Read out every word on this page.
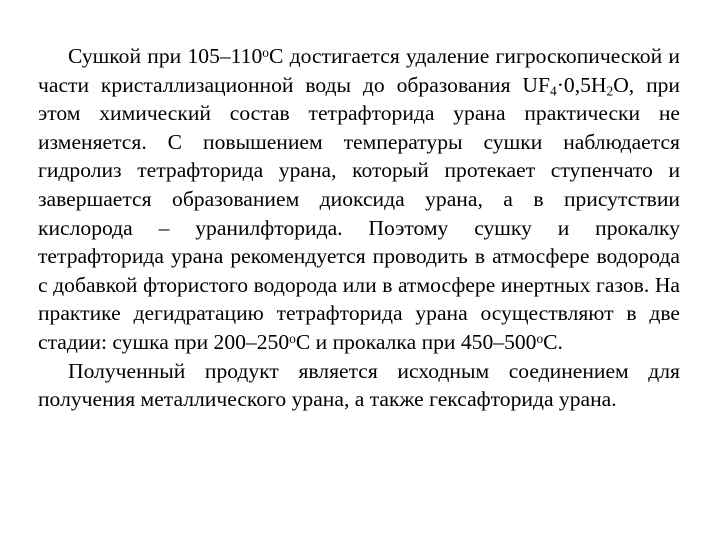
Сушкой при 105–110$^o$С достигается удаление гигроскопической и части кристаллизационной воды до образования $UF_4\cdot 0,5H_2O$, при этом химический состав тетрафторида урана практически не изменяется. С повышением температуры сушки наблюдается гидролиз тетрафторида урана, который протекает ступенчато и завершается образованием диоксида урана, а в присутствии кислорода – уранилфторида. Поэтому сушку и прокалку тетрафторида урана рекомендуется проводить в атмосфере водорода с добавкой фтористого водорода или в атмосфере инертных газов. На практике дегидратацию тетрафторида урана осуществляют в две стадии: сушка при 200–250$^o$С и прокалка при 450–500$^o$С.

Полученный продукт является исходным соединением для получения металлического урана, а также гексафторида урана.
